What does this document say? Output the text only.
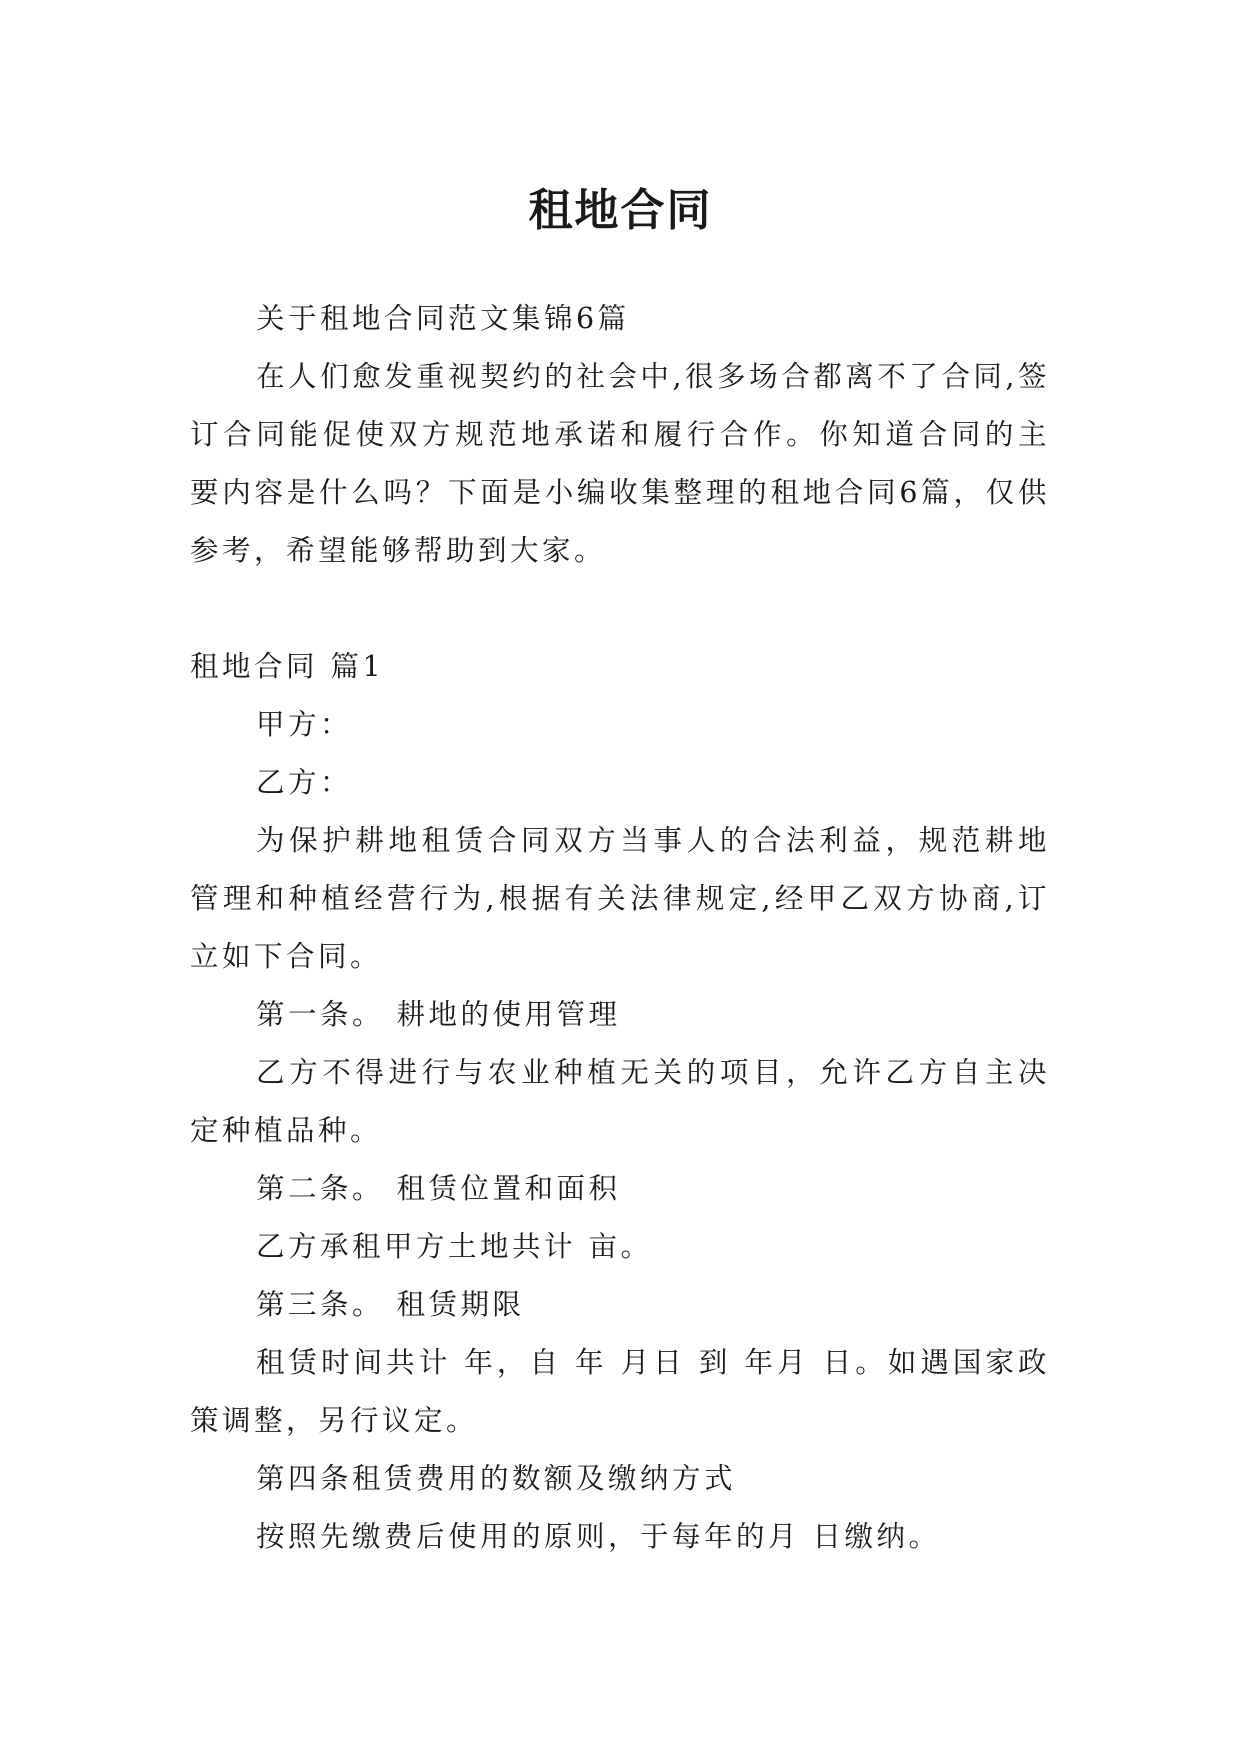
租地合同

关于租地合同范文集锦6篇

在人们愈发重视契约的社会中,很多场合都离不了合同,签订合同能促使双方规范地承诺和履行合作。你知道合同的主要内容是什么吗？下面是小编收集整理的租地合同6篇，仅供参考，希望能够帮助到大家。

租地合同 篇1

甲方：

乙方：

为保护耕地租赁合同双方当事人的合法利益，规范耕地管理和种植经营行为,根据有关法律规定,经甲乙双方协商,订立如下合同。

第一条。 耕地的使用管理

乙方不得进行与农业种植无关的项目，允许乙方自主决定种植品种。

第二条。 租赁位置和面积

乙方承租甲方土地共计 亩。

第三条。 租赁期限

租赁时间共计 年，自 年 月日 到 年月 日。如遇国家政策调整，另行议定。

第四条租赁费用的数额及缴纳方式

按照先缴费后使用的原则，于每年的月 日缴纳。
